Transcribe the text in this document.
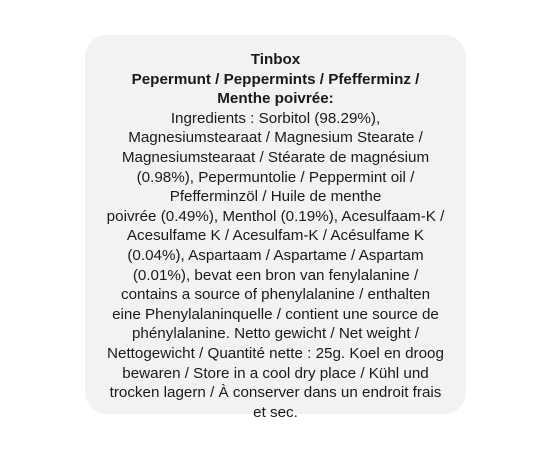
Tinbox
Pepermunt / Peppermints / Pfefferminz /
Menthe poivrée:
Ingredients : Sorbitol (98.29%),
Magnesiumstearaat / Magnesium Stearate /
Magnesiumstearaat / Stéarate de magnésium
(0.98%), Pepermuntolie / Peppermint oil /
Pfefferminzöl / Huile de menthe
poivrée (0.49%), Menthol (0.19%), Acesulfaam-K /
Acesulfame K / Acesulfam-K / Acésulfame K
(0.04%), Aspartaam / Aspartame / Aspartam
(0.01%), bevat een bron van fenylalanine /
contains a source of phenylalanine / enthalten
eine Phenylalaninquelle / contient une source de
phénylalanine. Netto gewicht / Net weight /
Nettogewicht / Quantité nette : 25g. Koel en droog
bewaren / Store in a cool dry place / Kühl und
trocken lagern / À conserver dans un endroit frais
et sec.
